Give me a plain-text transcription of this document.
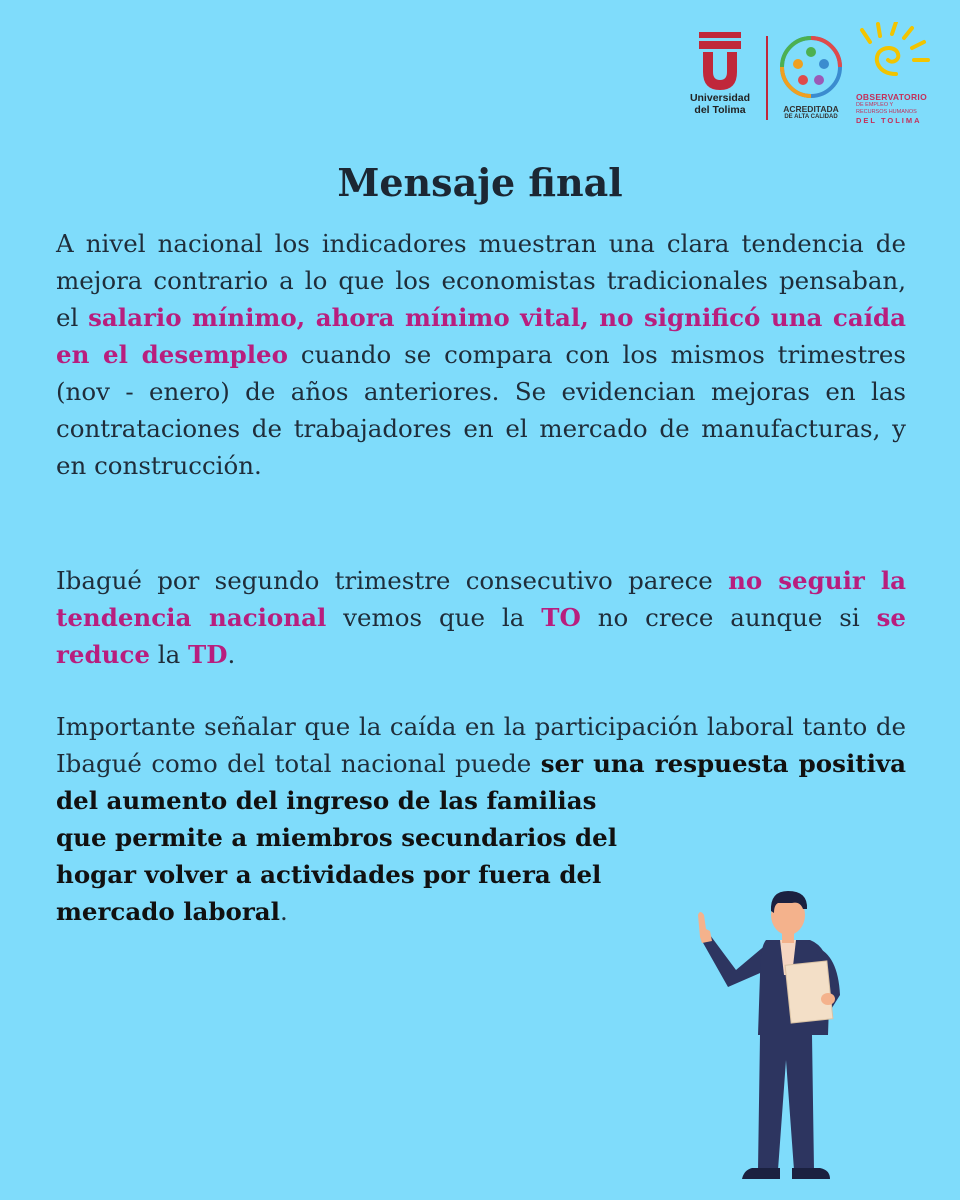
Universidad
del Tolima	ACREDITADA
DE ALTA CALIDAD
OBSERVATORIO
DE EMPLEO Y
RECURSOS HUMANOS
DEL TOLIMA
Mensaje final

A nivel nacional los indicadores muestran una clara tendencia de mejora contrario a lo que los economistas tradicionales pensaban, el salario mínimo, ahora mínimo vital, no significó una caída en el desempleo cuando se compara con los mismos trimestres (nov - enero) de años anteriores. Se evidencian mejoras en las contrataciones de trabajadores en el mercado de manufacturas, y en construcción.

Ibagué por segundo trimestre consecutivo parece no seguir la tendencia nacional vemos que la TO no crece aunque si se reduce la TD.

Importante señalar que la caída en la participación laboral tanto de Ibagué como del total nacional puede ser una respuesta positiva del aumento del ingreso de las familias
que permite a miembros secundarios del
hogar volver a actividades por fuera del
mercado laboral.
